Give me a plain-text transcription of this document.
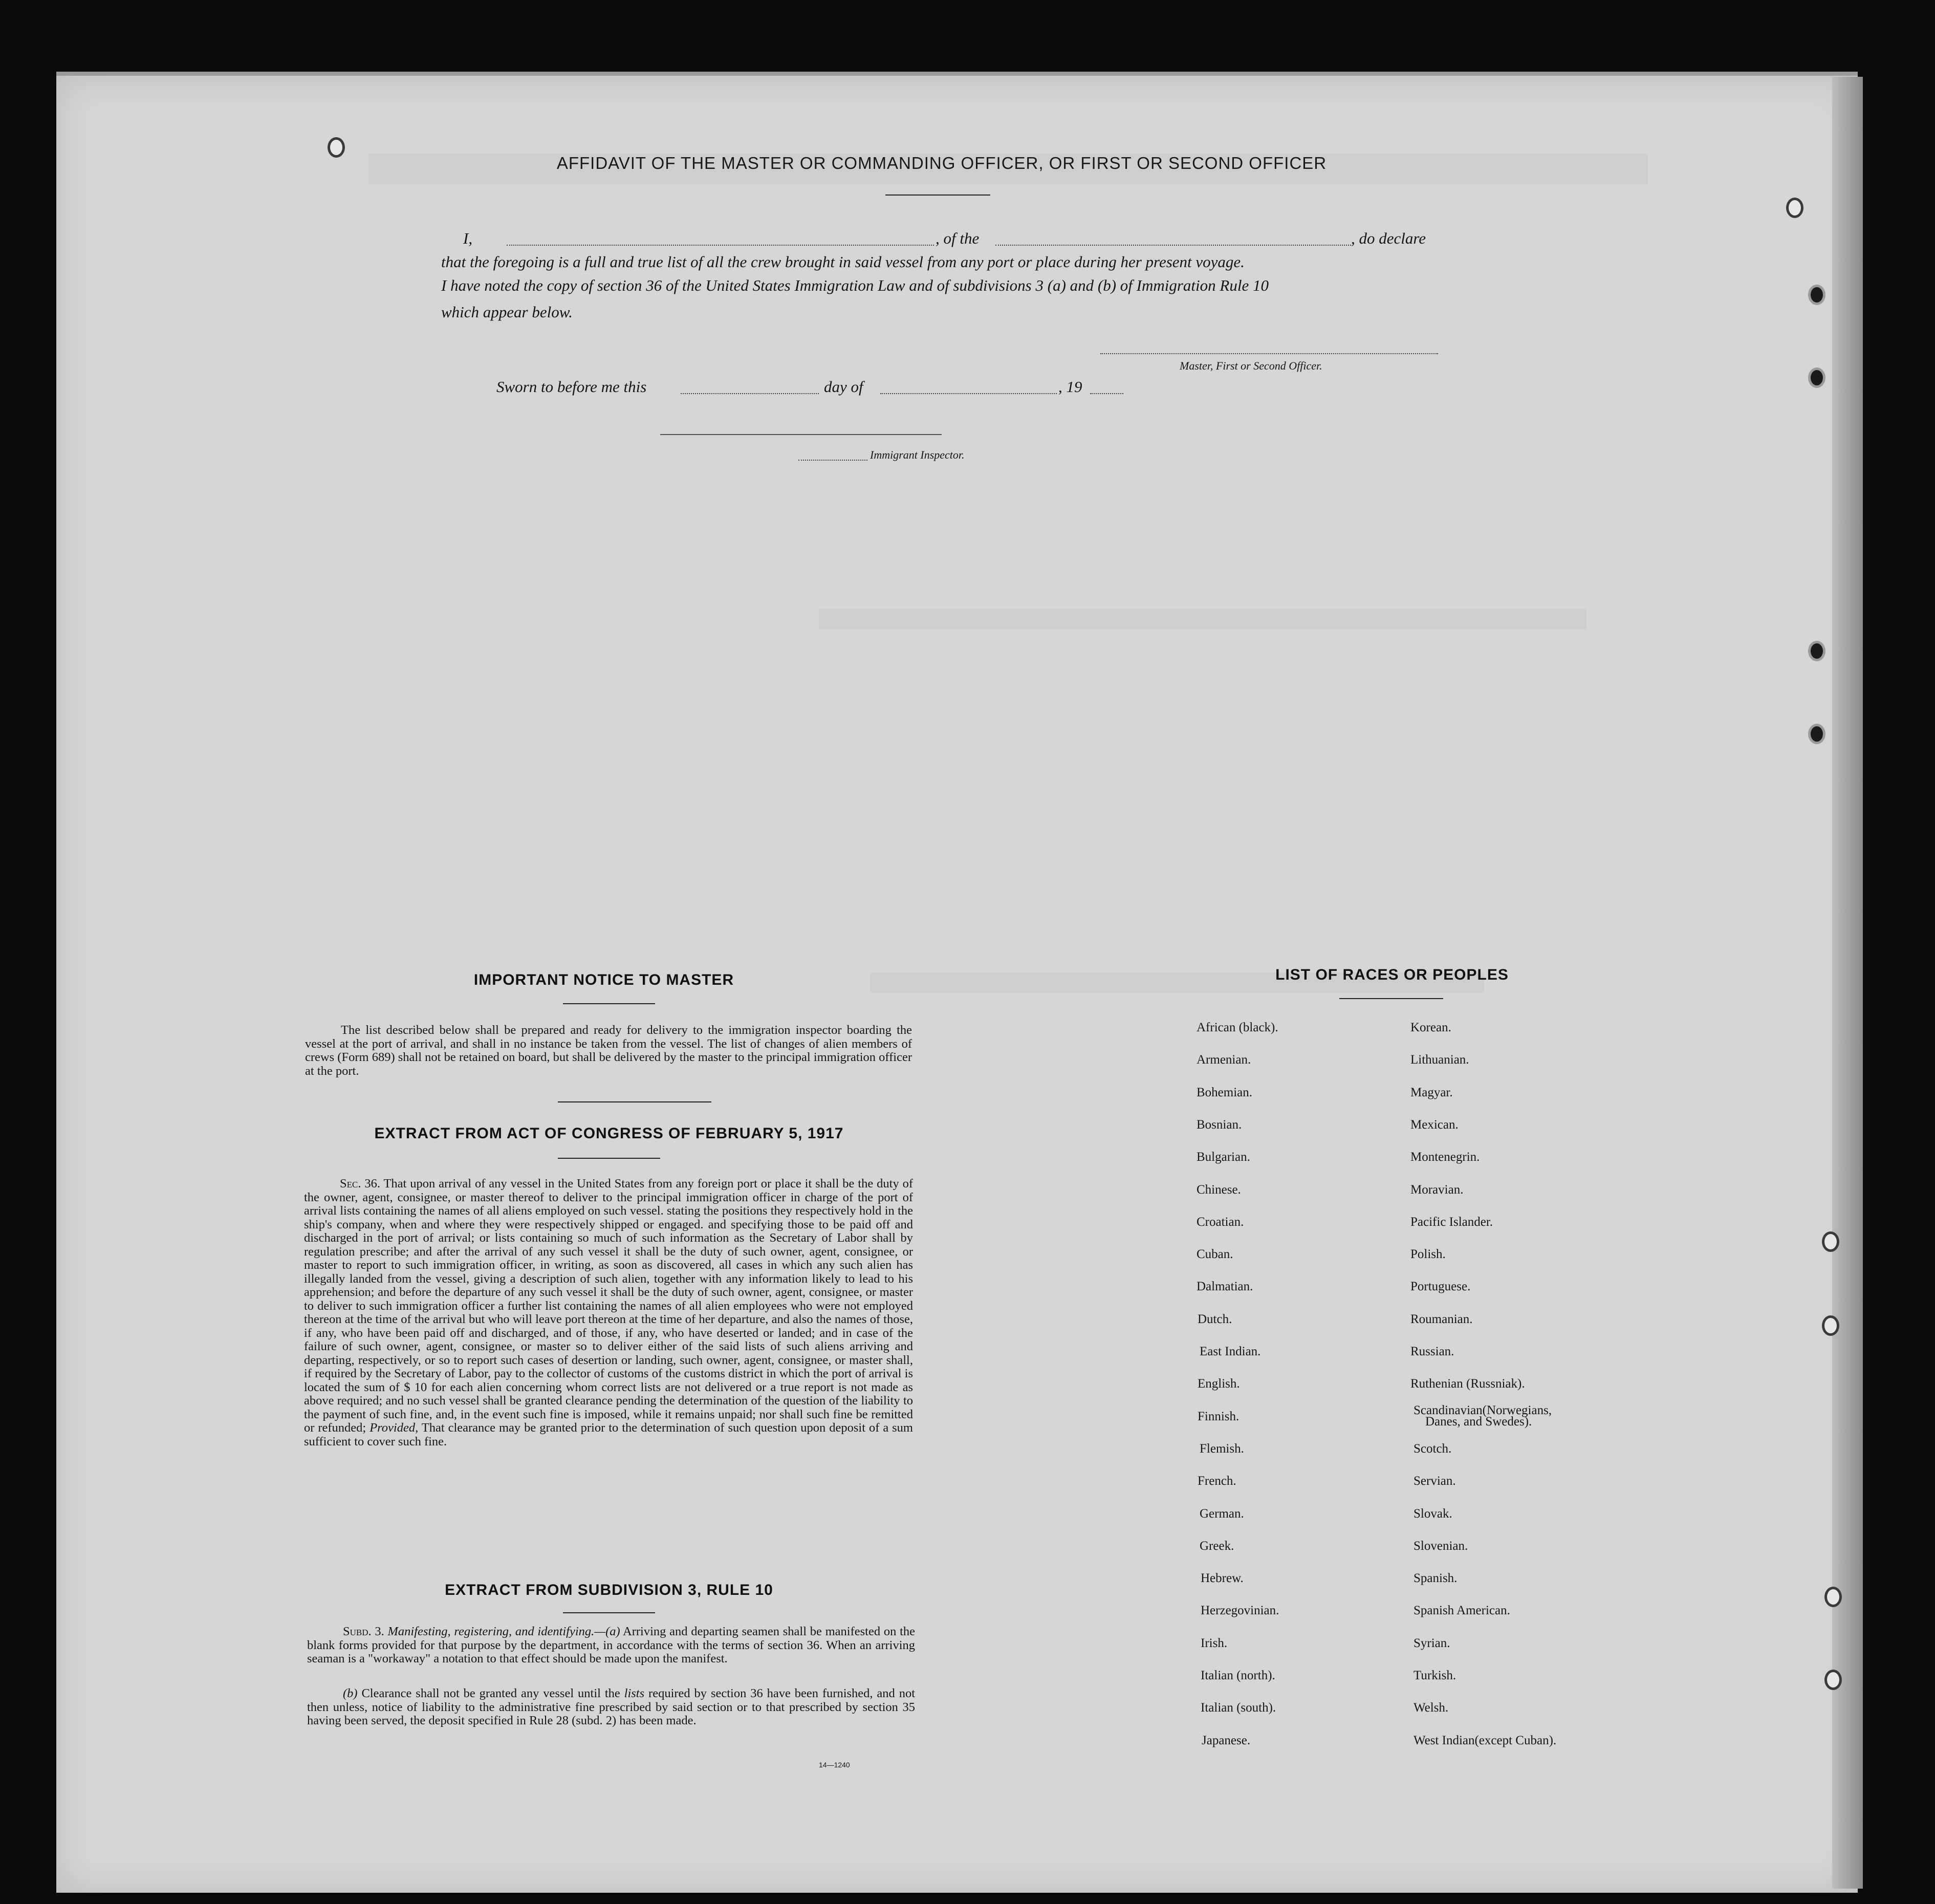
AFFIDAVIT OF THE MASTER OR COMMANDING OFFICER, OR FIRST OR SECOND OFFICER
I,	, of the	, do declare
that the foregoing is a full and true list of all the crew brought in said vessel from any port or place during her present voyage.
I have noted the copy of section 36 of the United States Immigration Law and of subdivisions 3 (a) and (b) of Immigration Rule 10
which appear below.
Master, First or Second Officer.
Sworn to before me this	day of	, 19
Immigrant Inspector.
IMPORTANT NOTICE TO MASTER
The list described below shall be prepared and ready for delivery to the immigration inspector boarding the vessel at the port of arrival, and shall in no instance be taken from the vessel. The list of changes of alien members of crews (Form 689) shall not be retained on board, but shall be delivered by the master to the principal immigration officer at the port.
EXTRACT FROM ACT OF CONGRESS OF FEBRUARY 5, 1917
Sec. 36. That upon arrival of any vessel in the United States from any foreign port or place it shall be the duty of the owner, agent, consignee, or master thereof to deliver to the principal immigration officer in charge of the port of arrival lists containing the names of all aliens employed on such vessel. stating the positions they respectively hold in the ship's company, when and where they were respectively shipped or engaged. and specifying those to be paid off and discharged in the port of arrival; or lists containing so much of such information as the Secretary of Labor shall by regulation prescribe; and after the arrival of any such vessel it shall be the duty of such owner, agent, consignee, or master to report to such immigration officer, in writing, as soon as discovered, all cases in which any such alien has illegally landed from the vessel, giving a description of such alien, together with any information likely to lead to his apprehension; and before the departure of any such vessel it shall be the duty of such owner, agent, consignee, or master to deliver to such immigration officer a further list containing the names of all alien employees who were not employed thereon at the time of the arrival but who will leave port thereon at the time of her departure, and also the names of those, if any, who have been paid off and discharged, and of those, if any, who have deserted or landed; and in case of the failure of such owner, agent, consignee, or master so to deliver either of the said lists of such aliens arriving and departing, respectively, or so to report such cases of desertion or landing, such owner, agent, consignee, or master shall, if required by the Secretary of Labor, pay to the collector of customs of the customs district in which the port of arrival is located the sum of $ 10 for each alien concerning whom correct lists are not delivered or a true report is not made as above required; and no such vessel shall be granted clearance pending the determination of the question of the liability to the payment of such fine, and, in the event such fine is imposed, while it remains unpaid; nor shall such fine be remitted or refunded; Provided, That clearance may be granted prior to the determination of such question upon deposit of a sum sufficient to cover such fine.
EXTRACT FROM SUBDIVISION 3, RULE 10
Subd. 3. Manifesting, registering, and identifying.—(a) Arriving and departing seamen shall be manifested on the blank forms provided for that purpose by the department, in accordance with the terms of section 36. When an arriving seaman is a "workaway" a notation to that effect should be made upon the manifest.
(b) Clearance shall not be granted any vessel until the lists required by section 36 have been furnished, and not then unless, notice of liability to the administrative fine prescribed by said section or to that prescribed by section 35 having been served, the deposit specified in Rule 28 (subd. 2) has been made.
14—1240
LIST OF RACES OR PEOPLES
African (black).
Armenian.
Bohemian.
Bosnian.
Bulgarian.
Chinese.
Croatian.
Cuban.
Dalmatian.
Dutch.
East Indian.
English.
Finnish.
Flemish.
French.
German.
Greek.
Hebrew.
Herzegovinian.
Irish.
Italian (north).
Italian (south).
Japanese.
Korean.
Lithuanian.
Magyar.
Mexican.
Montenegrin.
Moravian.
Pacific Islander.
Polish.
Portuguese.
Roumanian.
Russian.
Ruthenian (Russniak).
Scandinavian(Norwegians,
Scotch.
Servian.
Slovak.
Slovenian.
Spanish.
Spanish American.
Syrian.
Turkish.
Welsh.
West Indian(except Cuban).
Danes, and Swedes).
